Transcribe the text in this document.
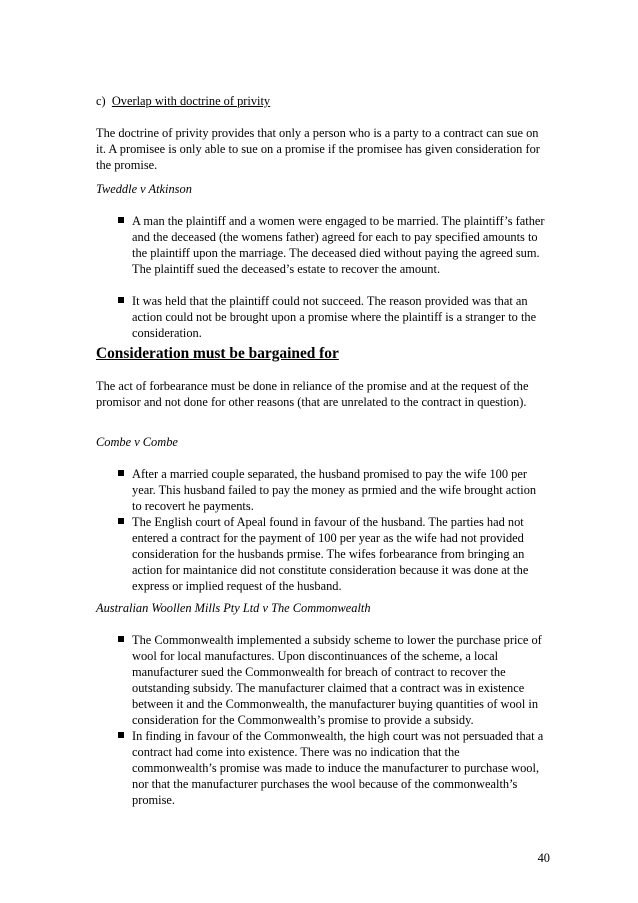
c) Overlap with doctrine of privity

The doctrine of privity provides that only a person who is a party to a contract can sue on it. A promisee is only able to sue on a promise if the promisee has given consideration for the promise.

Tweddle v Atkinson

A man the plaintiff and a women were engaged to be married. The plaintiff’s father and the deceased (the womens father) agreed for each to pay specified amounts to the plaintiff upon the marriage. The deceased died without paying the agreed sum. The plaintiff sued the deceased’s estate to recover the amount.
It was held that the plaintiff could not succeed. The reason provided was that an action could not be brought upon a promise where the plaintiff is a stranger to the consideration.

Consideration must be bargained for

The act of forbearance must be done in reliance of the promise and at the request of the promisor and not done for other reasons (that are unrelated to the contract in question).

Combe v Combe

After a married couple separated, the husband promised to pay the wife 100 per year. This husband failed to pay the money as prmied and the wife brought action to recovert he payments.
The English court of Apeal found in favour of the husband. The parties had not entered a contract for the payment of 100 per year as the wife had not provided consideration for the husbands prmise. The wifes forbearance from bringing an action for maintanice did not constitute consideration because it was done at the express or implied request of the husband.

Australian Woollen Mills Pty Ltd v The Commonwealth

The Commonwealth implemented a subsidy scheme to lower the purchase price of wool for local manufactures. Upon discontinuances of the scheme, a local manufacturer sued the Commonwealth for breach of contract to recover the outstanding subsidy. The manufacturer claimed that a contract was in existence between it and the Commonwealth, the manufacturer buying quantities of wool in consideration for the Commonwealth’s promise to provide a subsidy.
In finding in favour of the Commonwealth, the high court was not persuaded that a contract had come into existence. There was no indication that the commonwealth’s promise was made to induce the manufacturer to purchase wool, nor that the manufacturer purchases the wool because of the commonwealth’s promise.
40
